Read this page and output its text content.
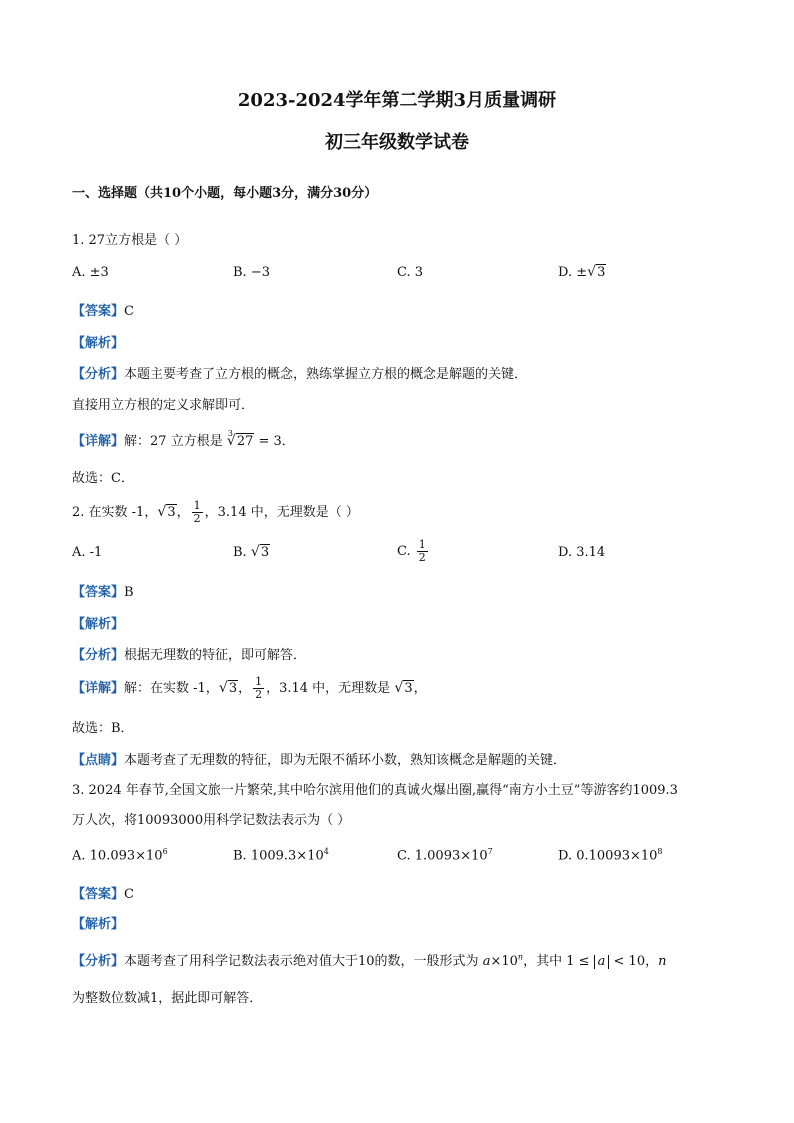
2023-2024学年第二学期3月质量调研
初三年级数学试卷
一、选择题（共10个小题，每小题3分，满分30分）
1. 27立方根是（ ）
A. ±3	B. −3	C. 3	D. ± √ 3
【答案】C
【解析】
【分析】本题主要考查了立方根的概念，熟练掌握立方根的概念是解题的关键．
直接用立方根的定义求解即可．
【详解】解：27 立方根是
√ 3
27 = 3．
故选：C．
2. 在实数 -1， √ 3， $\frac{1}{2}$ ，3.14 中，无理数是（ ）
A. -1	B. √ 3	C. $\frac{1}{2}$	D. 3.14
【答案】B
【解析】
【分析】根据无理数的特征，即可解答．
【详解】解：在实数 -1， √ 3， $\frac{1}{2}$ ，3.14 中，无理数是 √ 3，
故选：B．
【点睛】本题考查了无理数的特征，即为无限不循环小数，熟知该概念是解题的关键．
3. 2024 年春节,全国文旅一片繁荣,其中哈尔滨用他们的真诚火爆出圈,赢得“南方小土豆”等游客约1009.3
万人次，将10093000用科学记数法表示为（ ）
A. $10.093\times 10^6$	B. $1009.3\times 10^4$	C. $1.0093\times 10^7$	D. $0.10093\times 10^8$
【答案】C
【解析】
【分析】本题考查了用科学记数法表示绝对值大于10的数，一般形式为 $a\times 10^n$，其中 1 ≤ a < 10，n
为整数位数减1，据此即可解答．
